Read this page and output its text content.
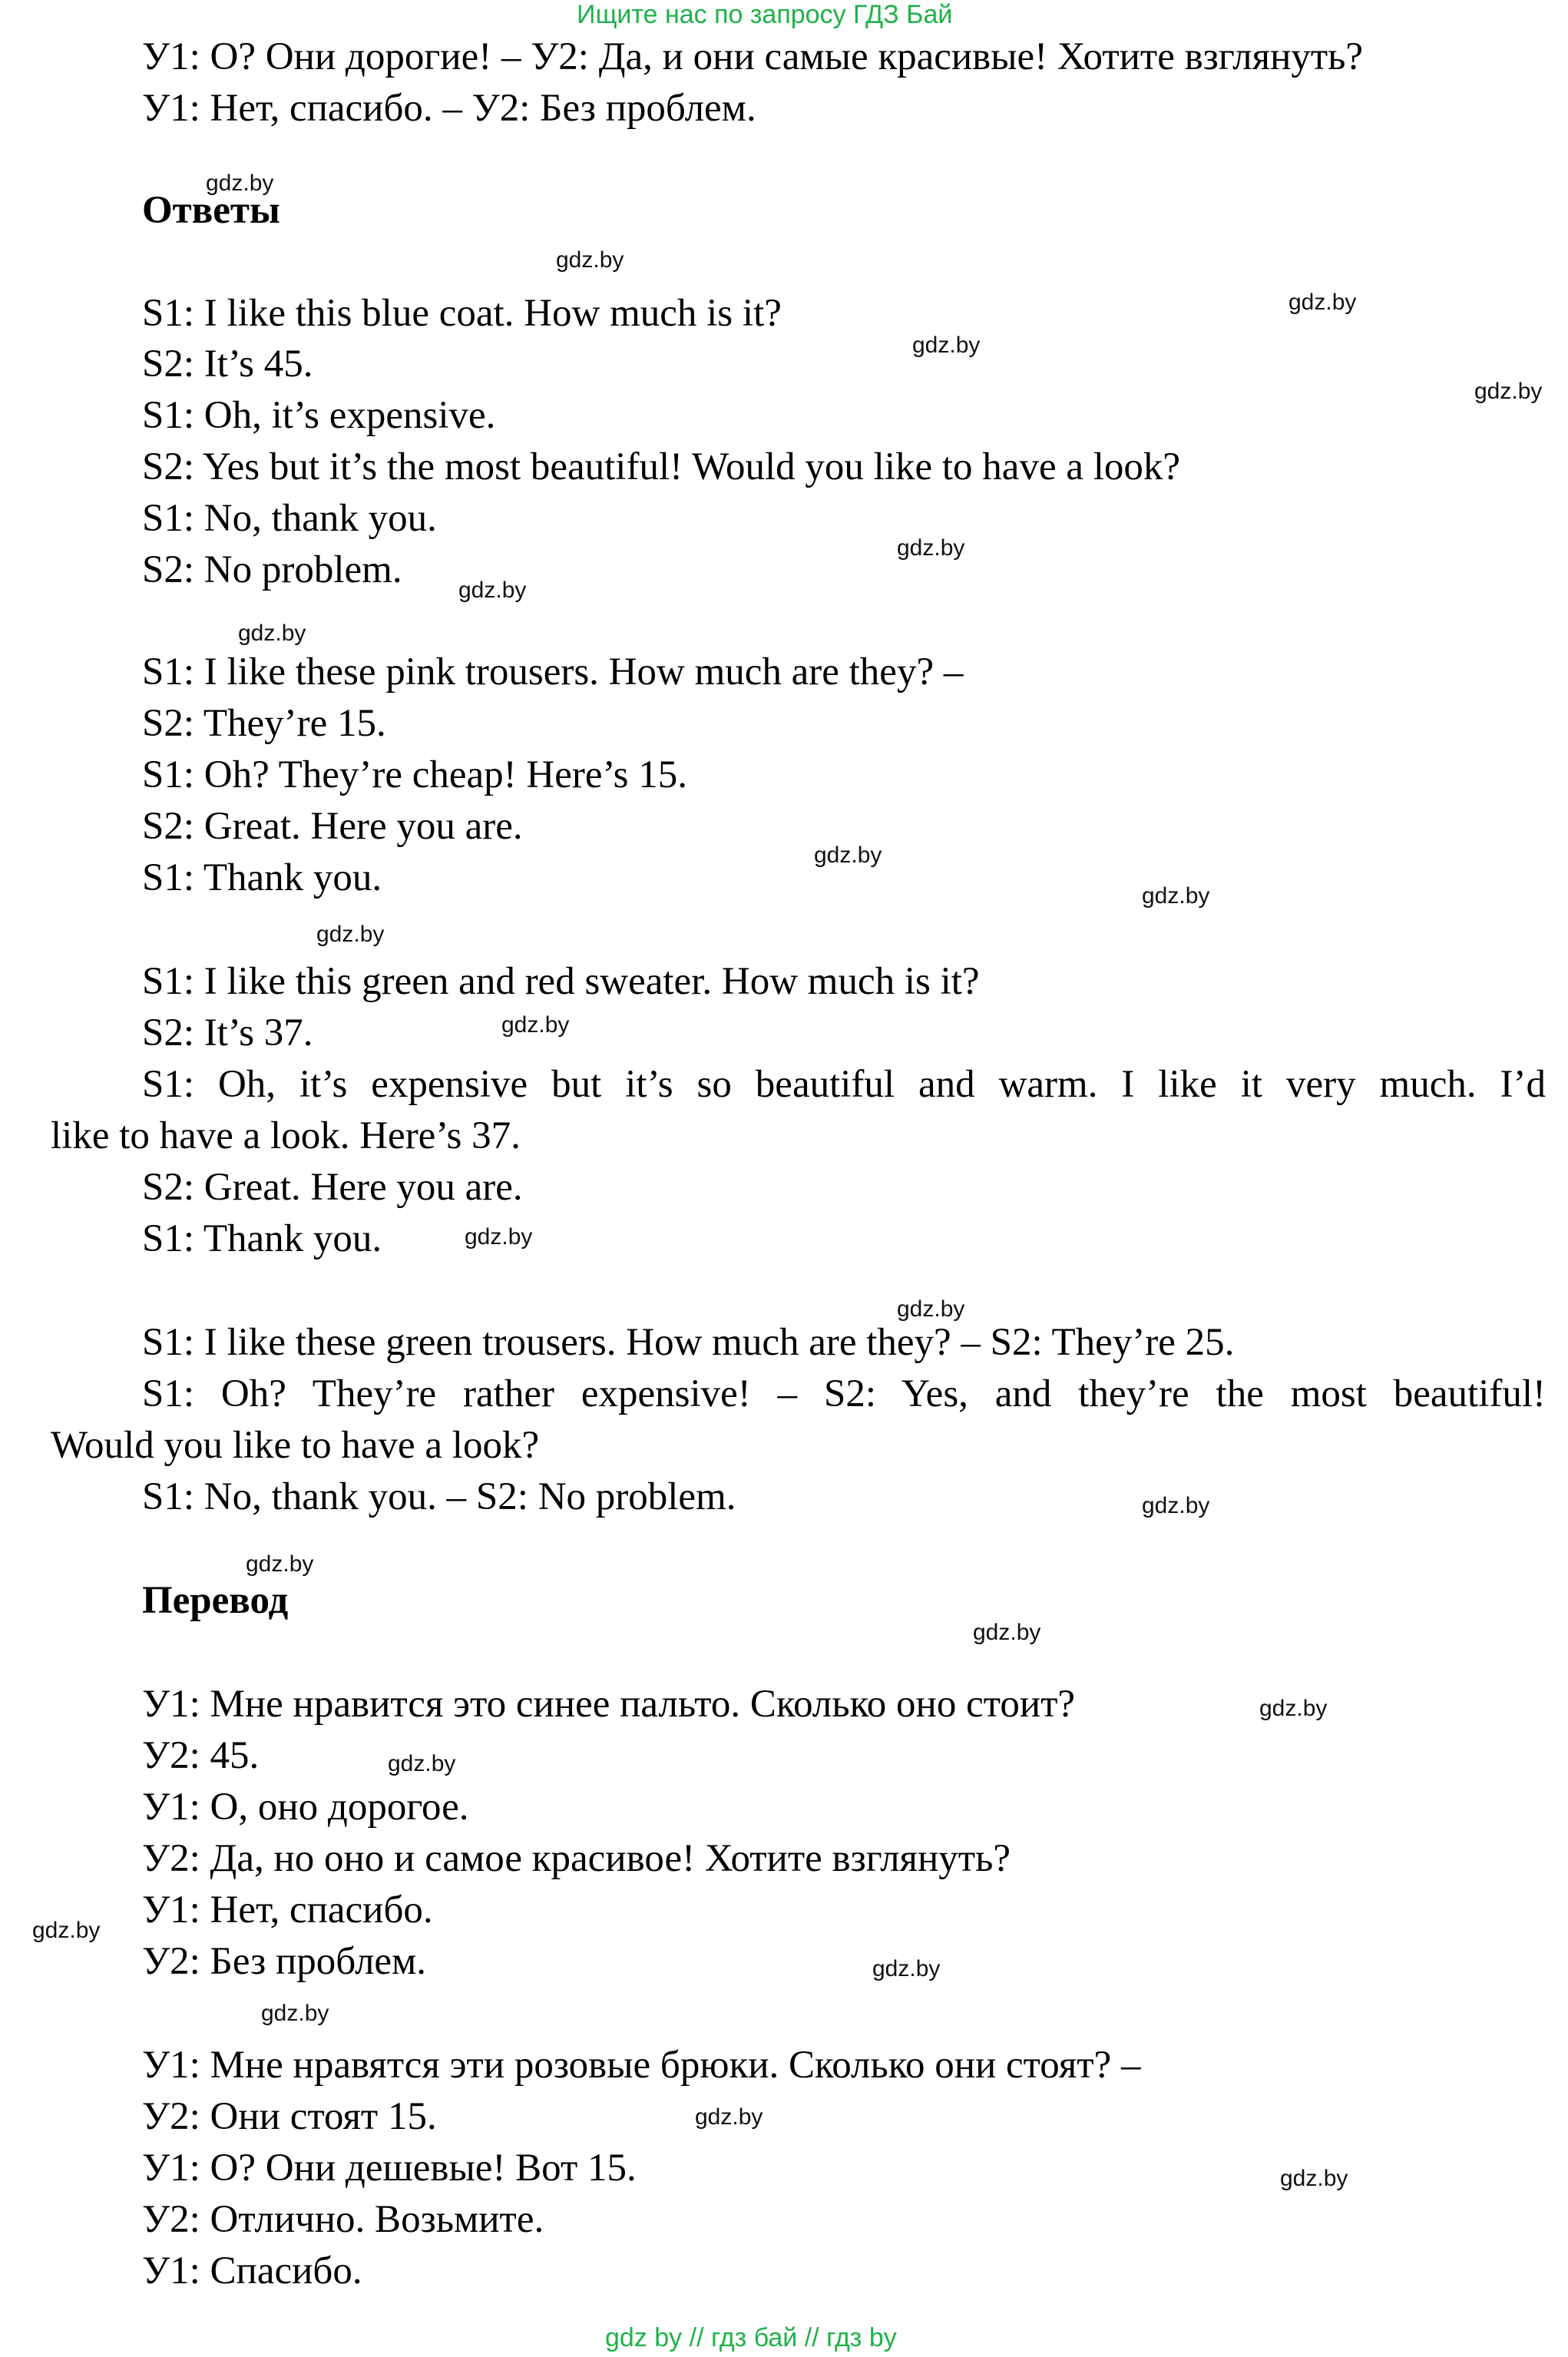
Ищите нас по запросу ГДЗ Бай
У1: О? Они дорогие! – У2: Да, и они самые красивые! Хотите взглянуть?
У1: Нет, спасибо. – У2: Без проблем.
Ответы
S1: I like this blue coat. How much is it?
S2: It’s 45.
S1: Oh, it’s expensive.
S2: Yes but it’s the most beautiful! Would you like to have a look?
S1: No, thank you.
S2: No problem.
S1: I like these pink trousers. How much are they? –
S2: They’re 15.
S1: Oh? They’re cheap! Here’s 15.
S2: Great. Here you are.
S1: Thank you.
S1: I like this green and red sweater. How much is it?
S2: It’s 37.
S1: Oh, it’s expensive but it’s so beautiful and warm. I like it very much. I’d
like to have a look. Here’s 37.
S2: Great. Here you are.
S1: Thank you.
S1: I like these green trousers. How much are they? – S2: They’re 25.
S1: Oh? They’re rather expensive! – S2: Yes, and they’re the most beautiful!
Would you like to have a look?
S1: No, thank you. – S2: No problem.
Перевод
У1: Мне нравится это синее пальто. Сколько оно стоит?
У2: 45.
У1: О, оно дорогое.
У2: Да, но оно и самое красивое! Хотите взглянуть?
У1: Нет, спасибо.
У2: Без проблем.
У1: Мне нравятся эти розовые брюки. Сколько они стоят? –
У2: Они стоят 15.
У1: О? Они дешевые! Вот 15.
У2: Отлично. Возьмите.
У1: Спасибо.
gdz.by
gdz.by
gdz.by
gdz.by
gdz.by
gdz.by
gdz.by
gdz.by
gdz.by
gdz.by
gdz.by
gdz.by
gdz.by
gdz.by
gdz.by
gdz.by
gdz.by
gdz.by
gdz.by
gdz.by
gdz.by
gdz.by
gdz.by
gdz.by
gdz by // гдз бай // гдз by
